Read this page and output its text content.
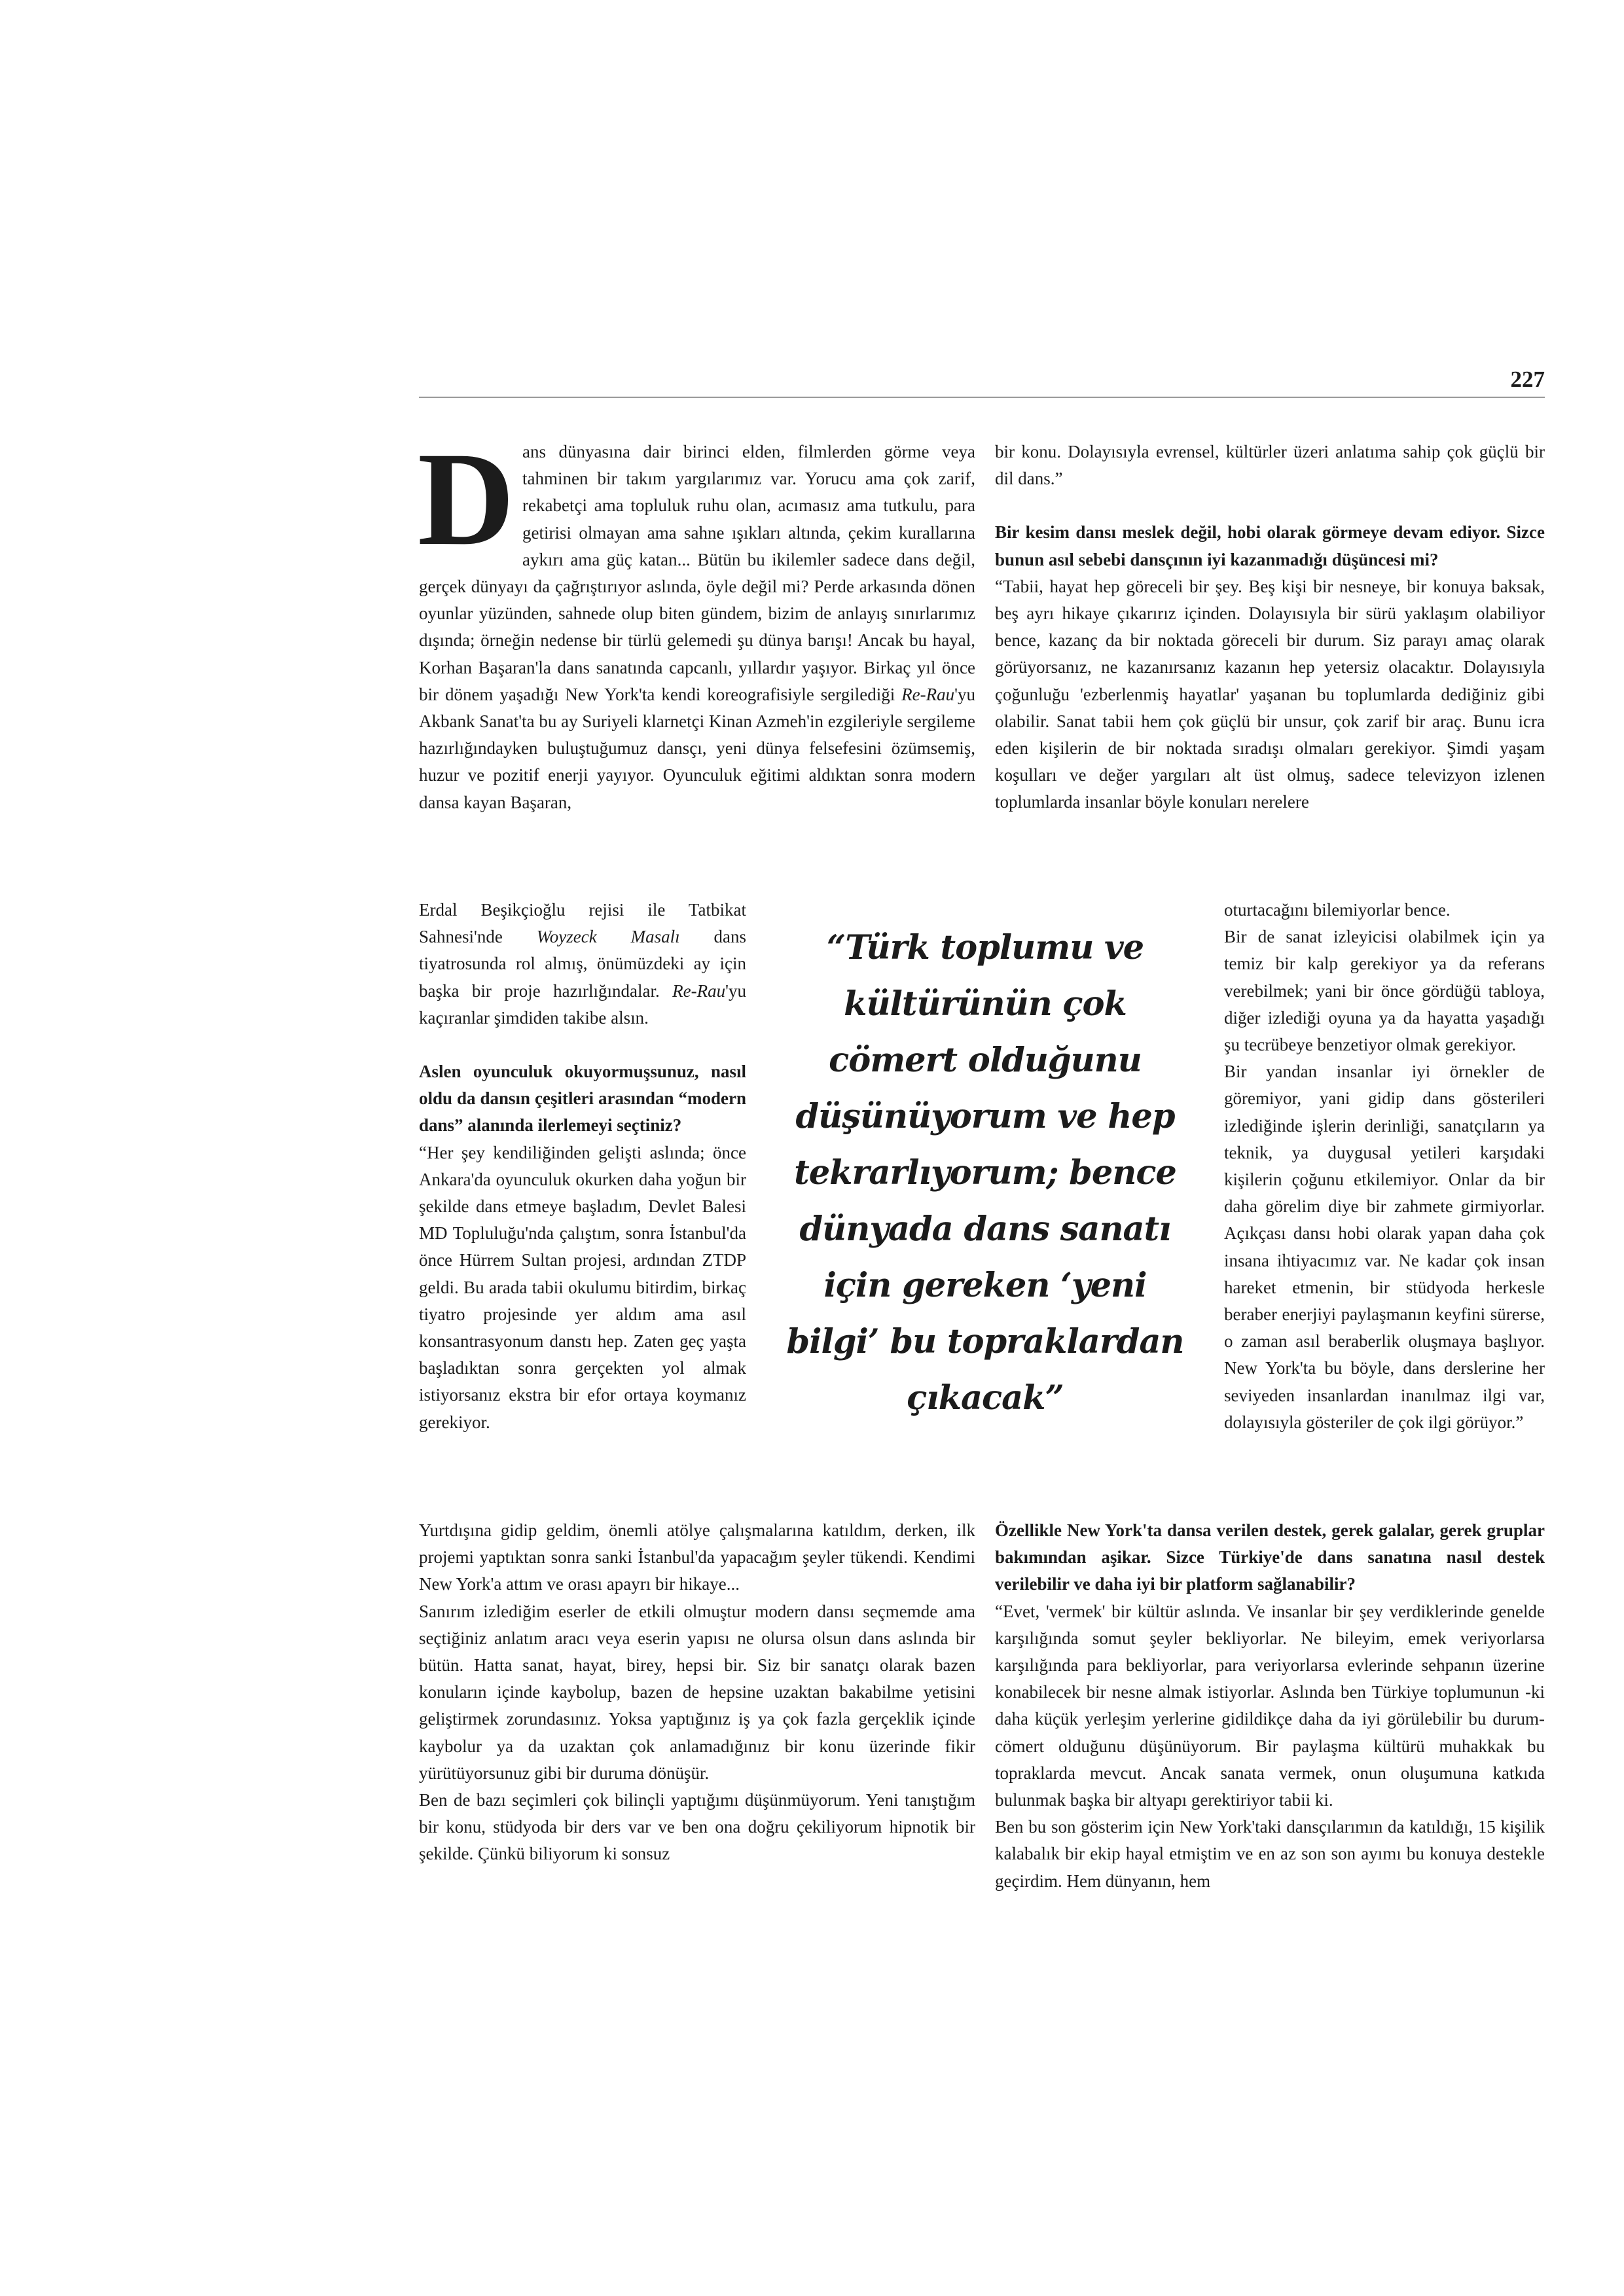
227
D ans dünyasına dair birinci elden, filmlerden görme veya tahminen bir takım yargılarımız var. Yorucu ama çok zarif, rekabetçi ama topluluk ruhu olan, acımasız ama tutkulu, para getirisi olmayan ama sahne ışıkları altında, çekim kurallarına aykırı ama güç katan... Bütün bu ikilemler sadece dans değil, gerçek dünyayı da çağrıştırıyor aslında, öyle değil mi? Perde arkasında dönen oyunlar yüzünden, sahnede olup biten gündem, bizim de anlayış sınırlarımız dışında; örneğin nedense bir türlü gelemedi şu dünya barışı! Ancak bu hayal, Korhan Başaran'la dans sanatında capcanlı, yıllardır yaşıyor. Birkaç yıl önce bir dönem yaşadığı New York'ta kendi koreografisiyle sergilediği Re-Rau'yu Akbank Sanat'ta bu ay Suriyeli klarnetçi Kinan Azmeh'in ezgileriyle sergileme hazırlığındayken buluştuğumuz dansçı, yeni dünya felsefesini özümsemiş, huzur ve pozitif enerji yayıyor. Oyunculuk eğitimi aldıktan sonra modern dansa kayan Başaran,

Erdal Beşikçioğlu rejisi ile Tatbikat Sahnesi'nde Woyzeck Masalı dans tiyatrosunda rol almış, önümüzdeki ay için başka bir proje hazırlığındalar. Re-Rau'yu kaçıranlar şimdiden takibe alsın.

Aslen oyunculuk okuyormuşsunuz, nasıl oldu da dansın çeşitleri arasından “modern dans” alanında ilerlemeyi seçtiniz?

“Her şey kendiliğinden gelişti aslında; önce Ankara'da oyunculuk okurken daha yoğun bir şekilde dans etmeye başladım, Devlet Balesi MD Topluluğu'nda çalıştım, sonra İstanbul'da önce Hürrem Sultan projesi, ardından ZTDP geldi. Bu arada tabii okulumu bitirdim, birkaç tiyatro projesinde yer aldım ama asıl konsantrasyonum danstı hep. Zaten geç yaşta başladıktan sonra gerçekten yol almak istiyorsanız ekstra bir efor ortaya koymanız gerekiyor.

“Türk toplumu ve kültürünün çok cömert olduğunu düşünüyorum ve hep tekrarlıyorum; bence dünyada dans sanatı için gereken ‘yeni bilgi’ bu topraklardan çıkacak”

bir konu. Dolayısıyla evrensel, kültürler üzeri anlatıma sahip çok güçlü bir dil dans.”

Bir kesim dansı meslek değil, hobi olarak görmeye devam ediyor. Sizce bunun asıl sebebi dansçının iyi kazanmadığı düşüncesi mi?

“Tabii, hayat hep göreceli bir şey. Beş kişi bir nesneye, bir konuya baksak, beş ayrı hikaye çıkarırız içinden. Dolayısıyla bir sürü yaklaşım olabiliyor bence, kazanç da bir noktada göreceli bir durum. Siz parayı amaç olarak görüyorsanız, ne kazanırsanız kazanın hep yetersiz olacaktır. Dolayısıyla çoğunluğu 'ezberlenmiş hayatlar' yaşanan bu toplumlarda dediğiniz gibi olabilir. Sanat tabii hem çok güçlü bir unsur, çok zarif bir araç. Bunu icra eden kişilerin de bir noktada sıradışı olmaları gerekiyor. Şimdi yaşam koşulları ve değer yargıları alt üst olmuş, sadece televizyon izlenen toplumlarda insanlar böyle konuları nerelere

oturtacağını bilemiyorlar bence.

Bir de sanat izleyicisi olabilmek için ya temiz bir kalp gerekiyor ya da referans verebilmek; yani bir önce gördüğü tabloya, diğer izlediği oyuna ya da hayatta yaşadığı şu tecrübeye benzetiyor olmak gerekiyor.

Bir yandan insanlar iyi örnekler de göremiyor, yani gidip dans gösterileri izlediğinde işlerin derinliği, sanatçıların ya teknik, ya duygusal yetileri karşıdaki kişilerin çoğunu etkilemiyor. Onlar da bir daha görelim diye bir zahmete girmiyorlar. Açıkçası dansı hobi olarak yapan daha çok insana ihtiyacımız var. Ne kadar çok insan hareket etmenin, bir stüdyoda herkesle beraber enerjiyi paylaşmanın keyfini sürerse, o zaman asıl beraberlik oluşmaya başlıyor. New York'ta bu böyle, dans derslerine her seviyeden insanlardan inanılmaz ilgi var, dolayısıyla gösteriler de çok ilgi görüyor.”

Yurtdışına gidip geldim, önemli atölye çalışmalarına katıldım, derken, ilk projemi yaptıktan sonra sanki İstanbul'da yapacağım şeyler tükendi. Kendimi New York'a attım ve orası apayrı bir hikaye...

Sanırım izlediğim eserler de etkili olmuştur modern dansı seçmemde ama seçtiğiniz anlatım aracı veya eserin yapısı ne olursa olsun dans aslında bir bütün. Hatta sanat, hayat, birey, hepsi bir. Siz bir sanatçı olarak bazen konuların içinde kaybolup, bazen de hepsine uzaktan bakabilme yetisini geliştirmek zorundasınız. Yoksa yaptığınız iş ya çok fazla gerçeklik içinde kaybolur ya da uzaktan çok anlamadığınız bir konu üzerinde fikir yürütüyorsunuz gibi bir duruma dönüşür.

Ben de bazı seçimleri çok bilinçli yaptığımı düşünmüyorum. Yeni tanıştığım bir konu, stüdyoda bir ders var ve ben ona doğru çekiliyorum hipnotik bir şekilde. Çünkü biliyorum ki sonsuz

Özellikle New York'ta dansa verilen destek, gerek galalar, gerek gruplar bakımından aşikar. Sizce Türkiye'de dans sanatına nasıl destek verilebilir ve daha iyi bir platform sağlanabilir?

“Evet, 'vermek' bir kültür aslında. Ve insanlar bir şey verdiklerinde genelde karşılığında somut şeyler bekliyorlar. Ne bileyim, emek veriyorlarsa karşılığında para bekliyorlar, para veriyorlarsa evlerinde sehpanın üzerine konabilecek bir nesne almak istiyorlar. Aslında ben Türkiye toplumunun -ki daha küçük yerleşim yerlerine gidildikçe daha da iyi görülebilir bu durum- cömert olduğunu düşünüyorum. Bir paylaşma kültürü muhakkak bu topraklarda mevcut. Ancak sanata vermek, onun oluşumuna katkıda bulunmak başka bir altyapı gerektiriyor tabii ki.

Ben bu son gösterim için New York'taki dansçılarımın da katıldığı, 15 kişilik kalabalık bir ekip hayal etmiştim ve en az son son ayımı bu konuya destekle geçirdim. Hem dünyanın, hem
